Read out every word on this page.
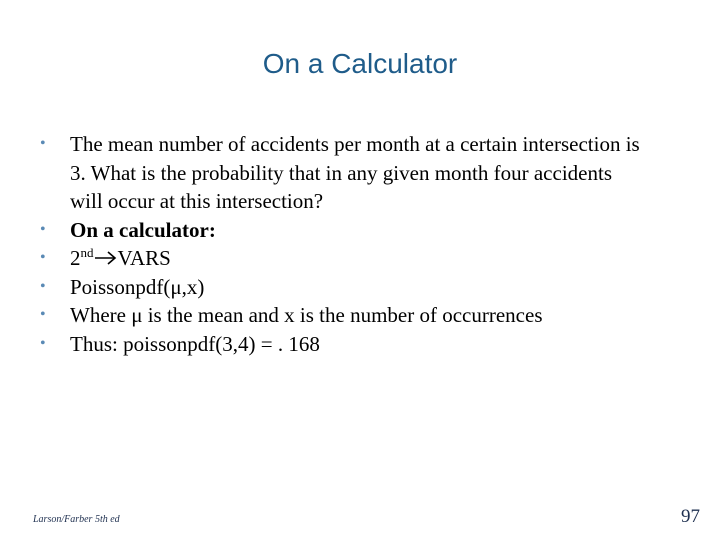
On a Calculator
• The mean number of accidents per month at a certain intersection is 3. What is the probability that in any given month four accidents will occur at this intersection?
• On a calculator:
• 2nd VARS
• Poissonpdf(μ,x)
• Where μ is the mean and x is the number of occurrences
• Thus: poissonpdf(3,4) = . 168
Larson/Farber 5th ed	97
